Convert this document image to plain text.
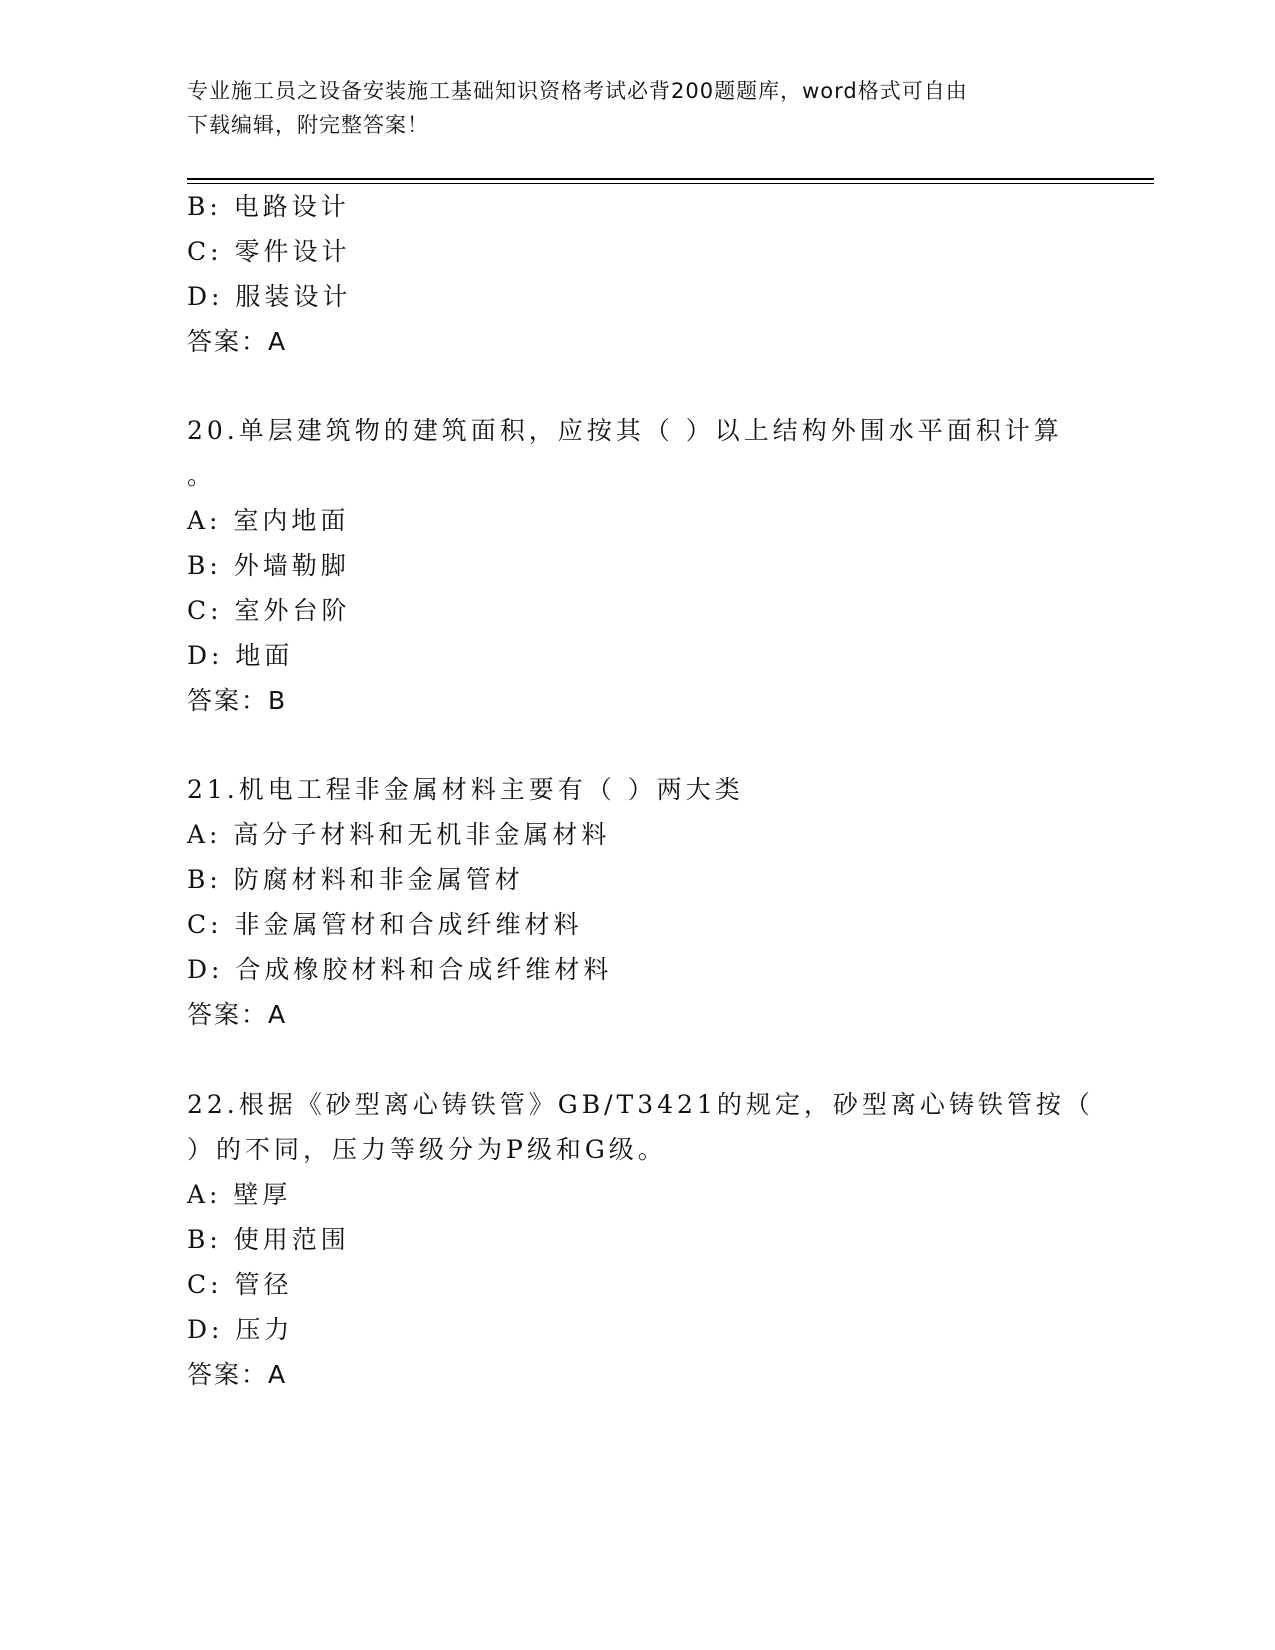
专业施工员之设备安装施工基础知识资格考试必背200题题库，word格式可自由
下载编辑，附完整答案！
B: 电路设计
C: 零件设计
D: 服装设计
答案：A
20.单层建筑物的建筑面积，应按其（ ）以上结构外围水平面积计算
。
A: 室内地面
B: 外墙勒脚
C: 室外台阶
D: 地面
答案：B
21.机电工程非金属材料主要有（ ）两大类
A: 高分子材料和无机非金属材料
B: 防腐材料和非金属管材
C: 非金属管材和合成纤维材料
D: 合成橡胶材料和合成纤维材料
答案：A
22.根据《砂型离心铸铁管》GB/T3421的规定，砂型离心铸铁管按（
）的不同，压力等级分为P级和G级。
A: 壁厚
B: 使用范围
C: 管径
D: 压力
答案：A
